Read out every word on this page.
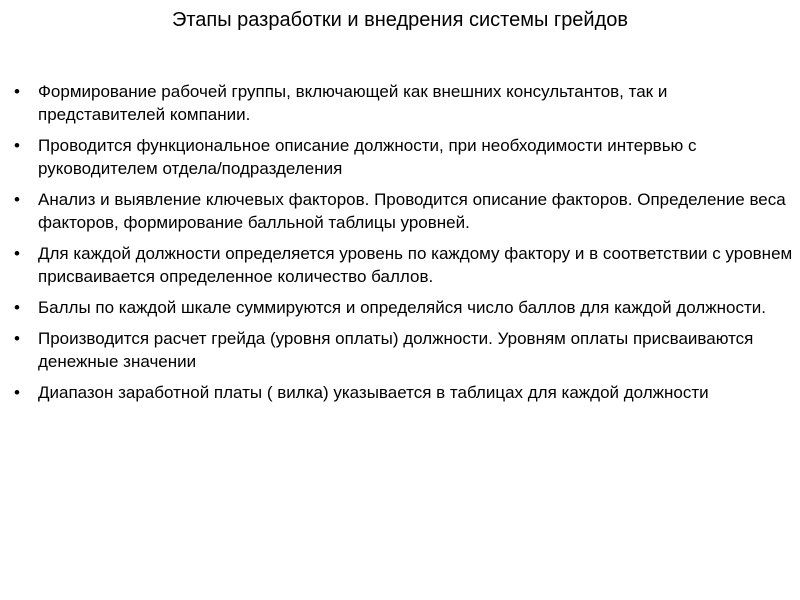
Этапы разработки и внедрения системы грейдов
• Формирование рабочей группы, включающей как внешних консультантов, так и представителей компании.
• Проводится функциональное описание должности, при необходимости интервью с руководителем отдела/подразделения
• Анализ и выявление ключевых факторов. Проводится описание факторов. Определение веса факторов, формирование балльной таблицы уровней.
• Для каждой должности определяется уровень по каждому фактору и в соответствии с уровнем присваивается определенное количество баллов.
• Баллы по каждой шкале суммируются и определяйся число баллов для каждой должности.
• Производится расчет грейда (уровня оплаты) должности. Уровням оплаты присваиваются денежные значении
• Диапазон заработной платы ( вилка) указывается в таблицах для каждой должности
